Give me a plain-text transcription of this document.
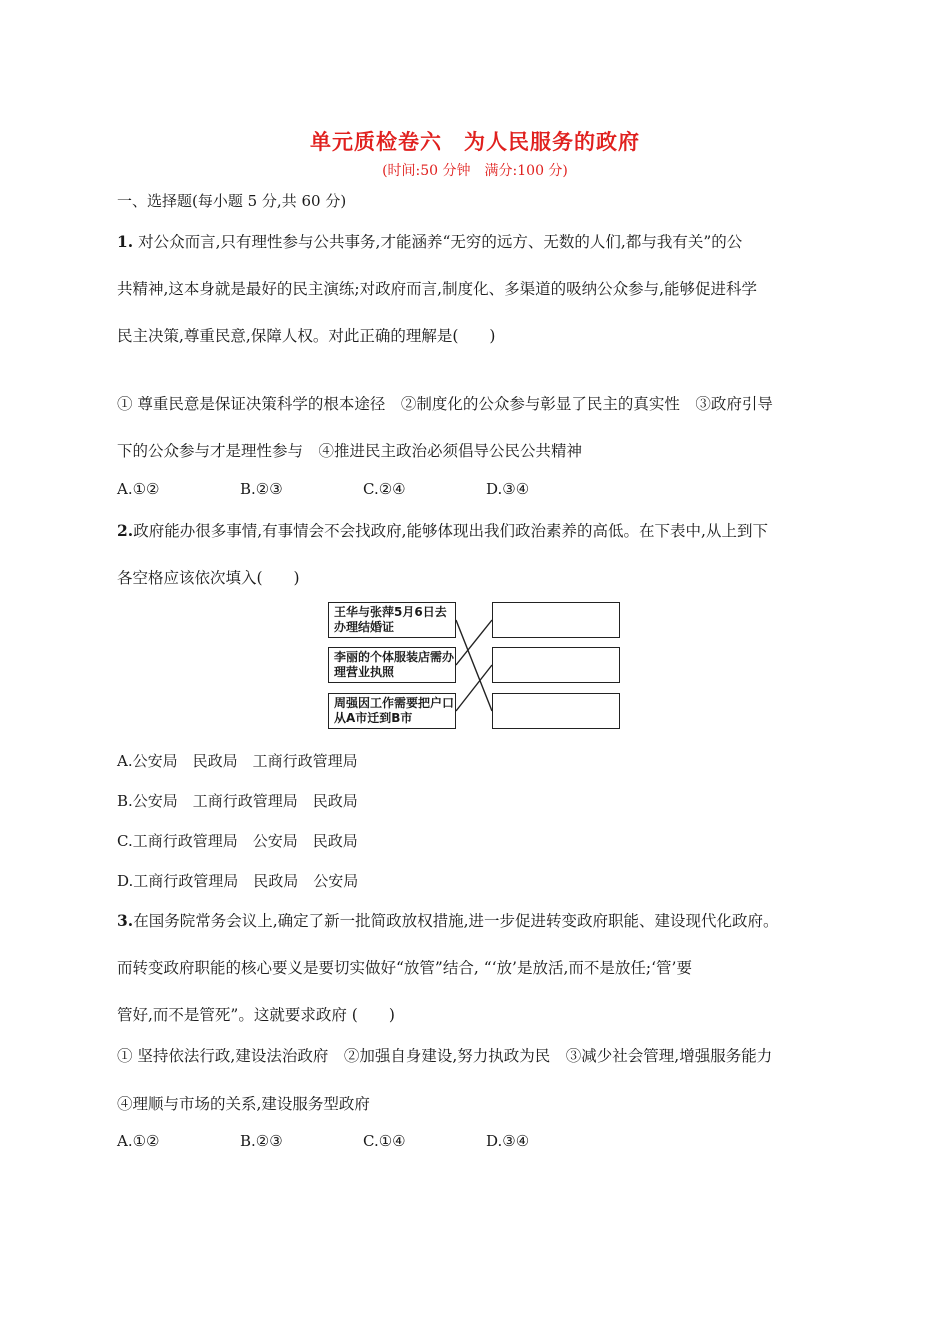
单元质检卷六　为人民服务的政府
(时间:50 分钟　满分:100 分)
一、选择题(每小题 5 分,共 60 分)
1. 对公众而言,只有理性参与公共事务,才能涵养“无穷的远方、无数的人们,都与我有关”的公
共精神,这本身就是最好的民主演练;对政府而言,制度化、多渠道的吸纳公众参与,能够促进科学
民主决策,尊重民意,保障人权。对此正确的理解是(　　)
① 尊重民意是保证决策科学的根本途径　②制度化的公众参与彰显了民主的真实性　③政府引导
下的公众参与才是理性参与　④推进民主政治必须倡导公民公共精神
A.①②	B.②③	C.②④	D.③④
2.政府能办很多事情,有事情会不会找政府,能够体现出我们政治素养的高低。在下表中,从上到下
各空格应该依次填入(　　)
王华与张萍5月6日去办理结婚证
李丽的个体服装店需办理营业执照
周强因工作需要把户口从A市迁到B市
A.公安局　民政局　工商行政管理局
B.公安局　工商行政管理局　民政局
C.工商行政管理局　公安局　民政局
D.工商行政管理局　民政局　公安局
3.在国务院常务会议上,确定了新一批简政放权措施,进一步促进转变政府职能、建设现代化政府。
而转变政府职能的核心要义是要切实做好“放管”结合, “‘放’是放活,而不是放任;‘管’要
管好,而不是管死”。这就要求政府 (　　)
① 坚持依法行政,建设法治政府　②加强自身建设,努力执政为民　③减少社会管理,增强服务能力
④理顺与市场的关系,建设服务型政府
A.①②	B.②③	C.①④	D.③④
